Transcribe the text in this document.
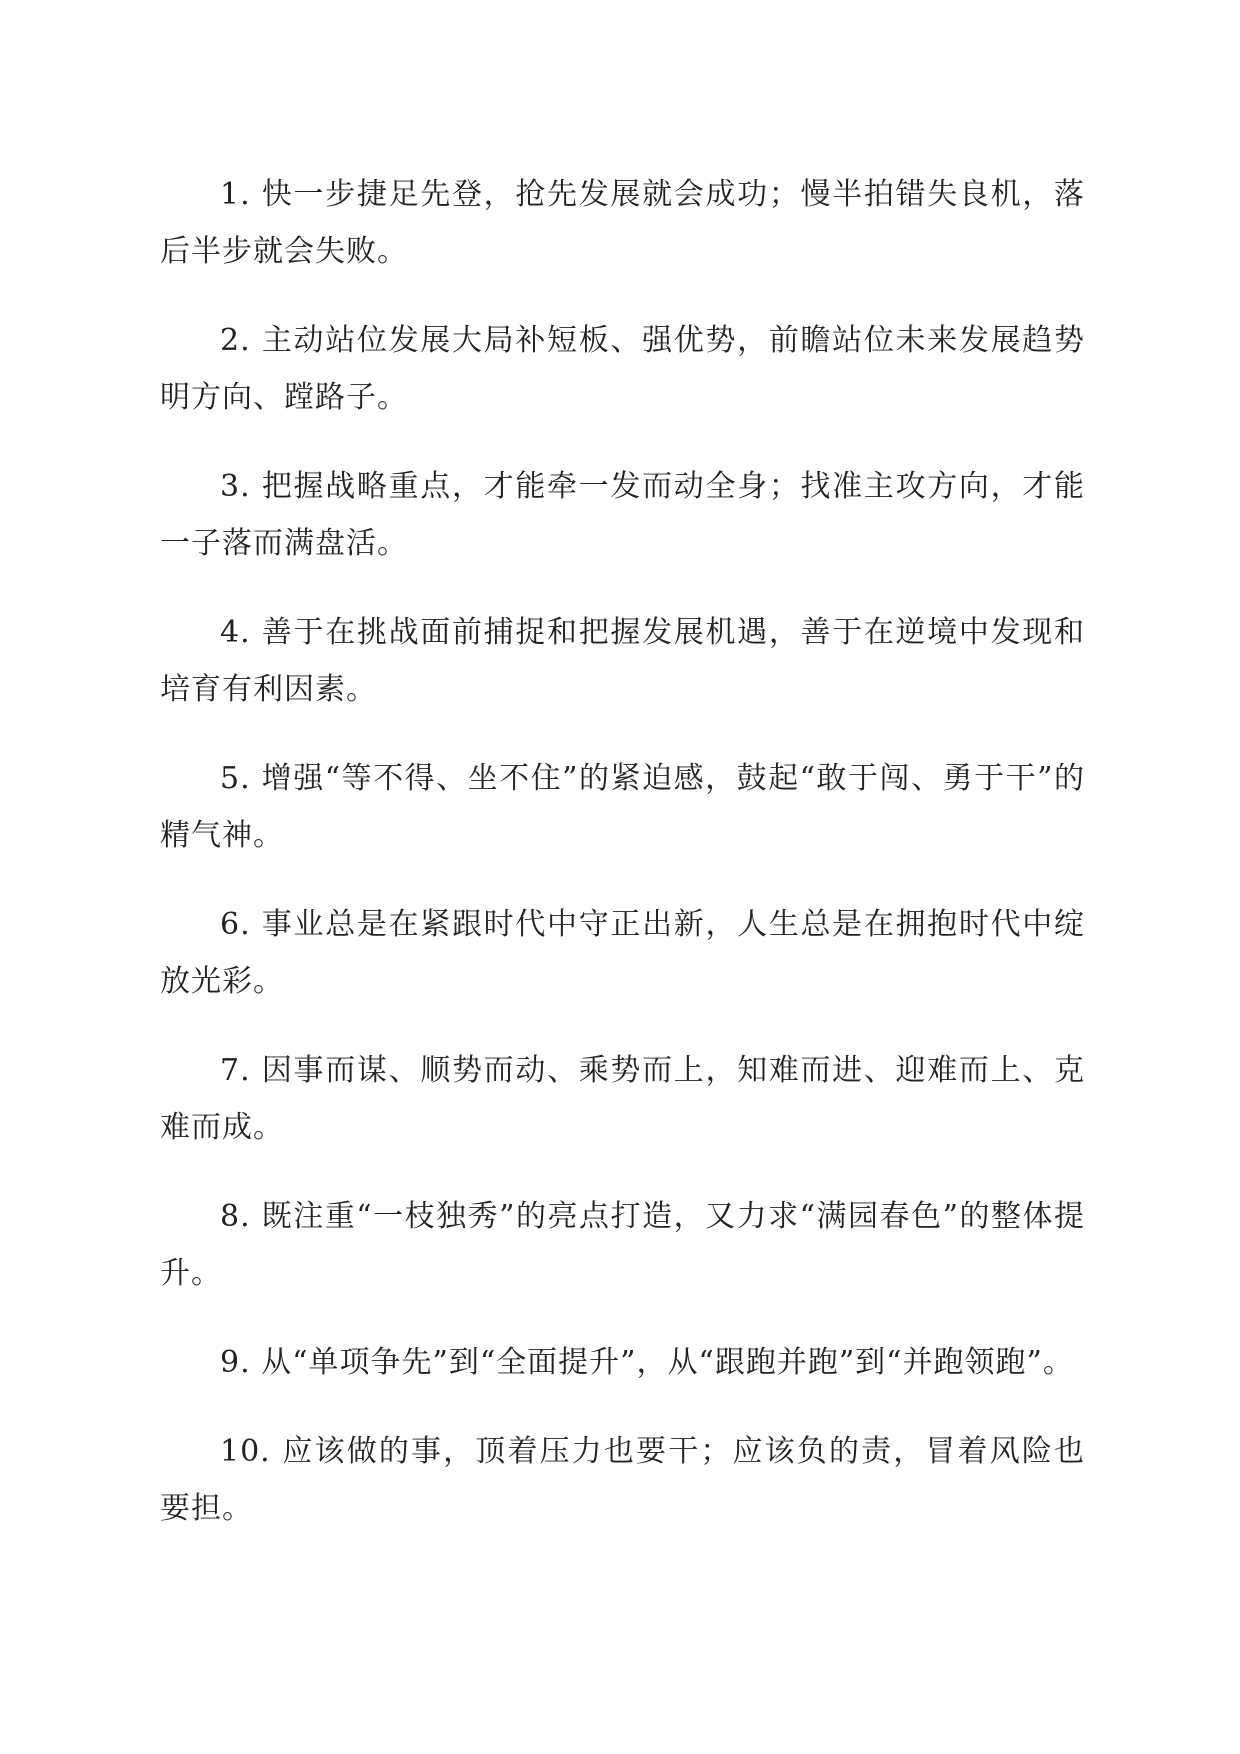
1. 快一步捷足先登，抢先发展就会成功；慢半拍错失良机，落后半步就会失败。

2. 主动站位发展大局补短板、强优势，前瞻站位未来发展趋势明方向、蹚路子。

3. 把握战略重点，才能牵一发而动全身；找准主攻方向，才能一子落而满盘活。

4. 善于在挑战面前捕捉和把握发展机遇，善于在逆境中发现和培育有利因素。

5. 增强“等不得、坐不住”的紧迫感，鼓起“敢于闯、勇于干”的精气神。

6. 事业总是在紧跟时代中守正出新，人生总是在拥抱时代中绽放光彩。

7. 因事而谋、顺势而动、乘势而上，知难而进、迎难而上、克难而成。

8. 既注重“一枝独秀”的亮点打造，又力求“满园春色”的整体提升。

9. 从“单项争先”到“全面提升”，从“跟跑并跑”到“并跑领跑”。

10. 应该做的事，顶着压力也要干；应该负的责，冒着风险也要担。
